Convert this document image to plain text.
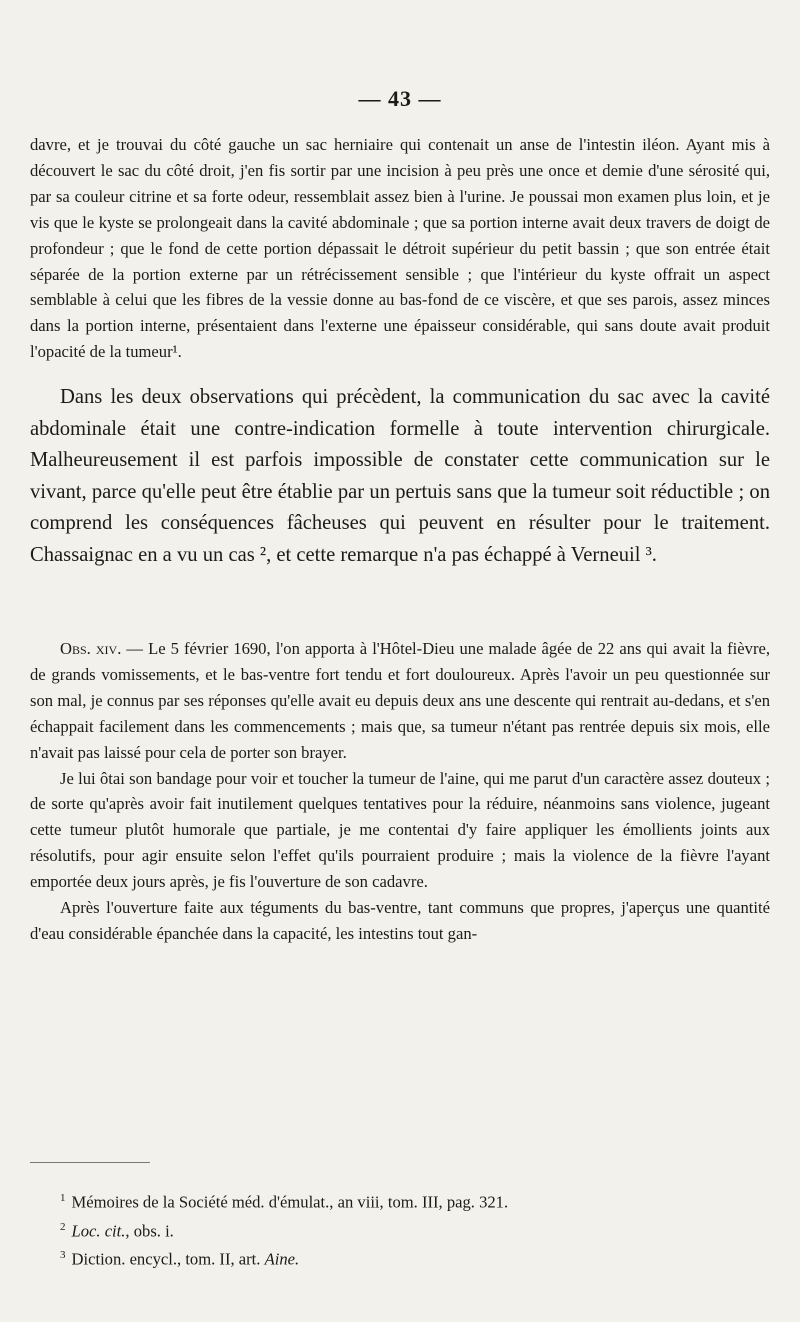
— 43 —

davre, et je trouvai du côté gauche un sac herniaire qui contenait un anse de l'intestin iléon. Ayant mis à découvert le sac du côté droit, j'en fis sortir par une incision à peu près une once et demie d'une sérosité qui, par sa couleur citrine et sa forte odeur, ressemblait assez bien à l'urine. Je poussai mon examen plus loin, et je vis que le kyste se prolongeait dans la cavité abdominale ; que sa portion interne avait deux travers de doigt de profondeur ; que le fond de cette portion dépassait le détroit supérieur du petit bassin ; que son entrée était séparée de la portion externe par un rétrécissement sensible ; que l'intérieur du kyste offrait un aspect semblable à celui que les fibres de la vessie donne au bas-fond de ce viscère, et que ses parois, assez minces dans la portion interne, présentaient dans l'externe une épaisseur considérable, qui sans doute avait produit l'opacité de la tumeur¹.

Dans les deux observations qui précèdent, la communication du sac avec la cavité abdominale était une contre-indication formelle à toute intervention chirurgicale. Malheureusement il est parfois impossible de constater cette communication sur le vivant, parce qu'elle peut être établie par un pertuis sans que la tumeur soit réductible ; on comprend les conséquences fâcheuses qui peuvent en résulter pour le traitement. Chassaignac en a vu un cas ², et cette remarque n'a pas échappé à Verneuil ³.

Obs. xiv. — Le 5 février 1690, l'on apporta à l'Hôtel-Dieu une malade âgée de 22 ans qui avait la fièvre, de grands vomissements, et le bas-ventre fort tendu et fort douloureux. Après l'avoir un peu questionnée sur son mal, je connus par ses réponses qu'elle avait eu depuis deux ans une descente qui rentrait au-dedans, et s'en échappait facilement dans les commencements ; mais que, sa tumeur n'étant pas rentrée depuis six mois, elle n'avait pas laissé pour cela de porter son brayer.

Je lui ôtai son bandage pour voir et toucher la tumeur de l'aine, qui me parut d'un caractère assez douteux ; de sorte qu'après avoir fait inutilement quelques tentatives pour la réduire, néanmoins sans violence, jugeant cette tumeur plutôt humorale que partiale, je me contentai d'y faire appliquer les émollients joints aux résolutifs, pour agir ensuite selon l'effet qu'ils pourraient produire ; mais la violence de la fièvre l'ayant emportée deux jours après, je fis l'ouverture de son cadavre.

Après l'ouverture faite aux téguments du bas-ventre, tant communs que propres, j'aperçus une quantité d'eau considérable épanchée dans la capacité, les intestins tout gan-

$^1$ Mémoires de la Société méd. d'émulat., an viii, tom. III, pag. 321.
$^2$ Loc. cit., obs. i.
$^3$ Diction. encycl., tom. II, art. Aine.
